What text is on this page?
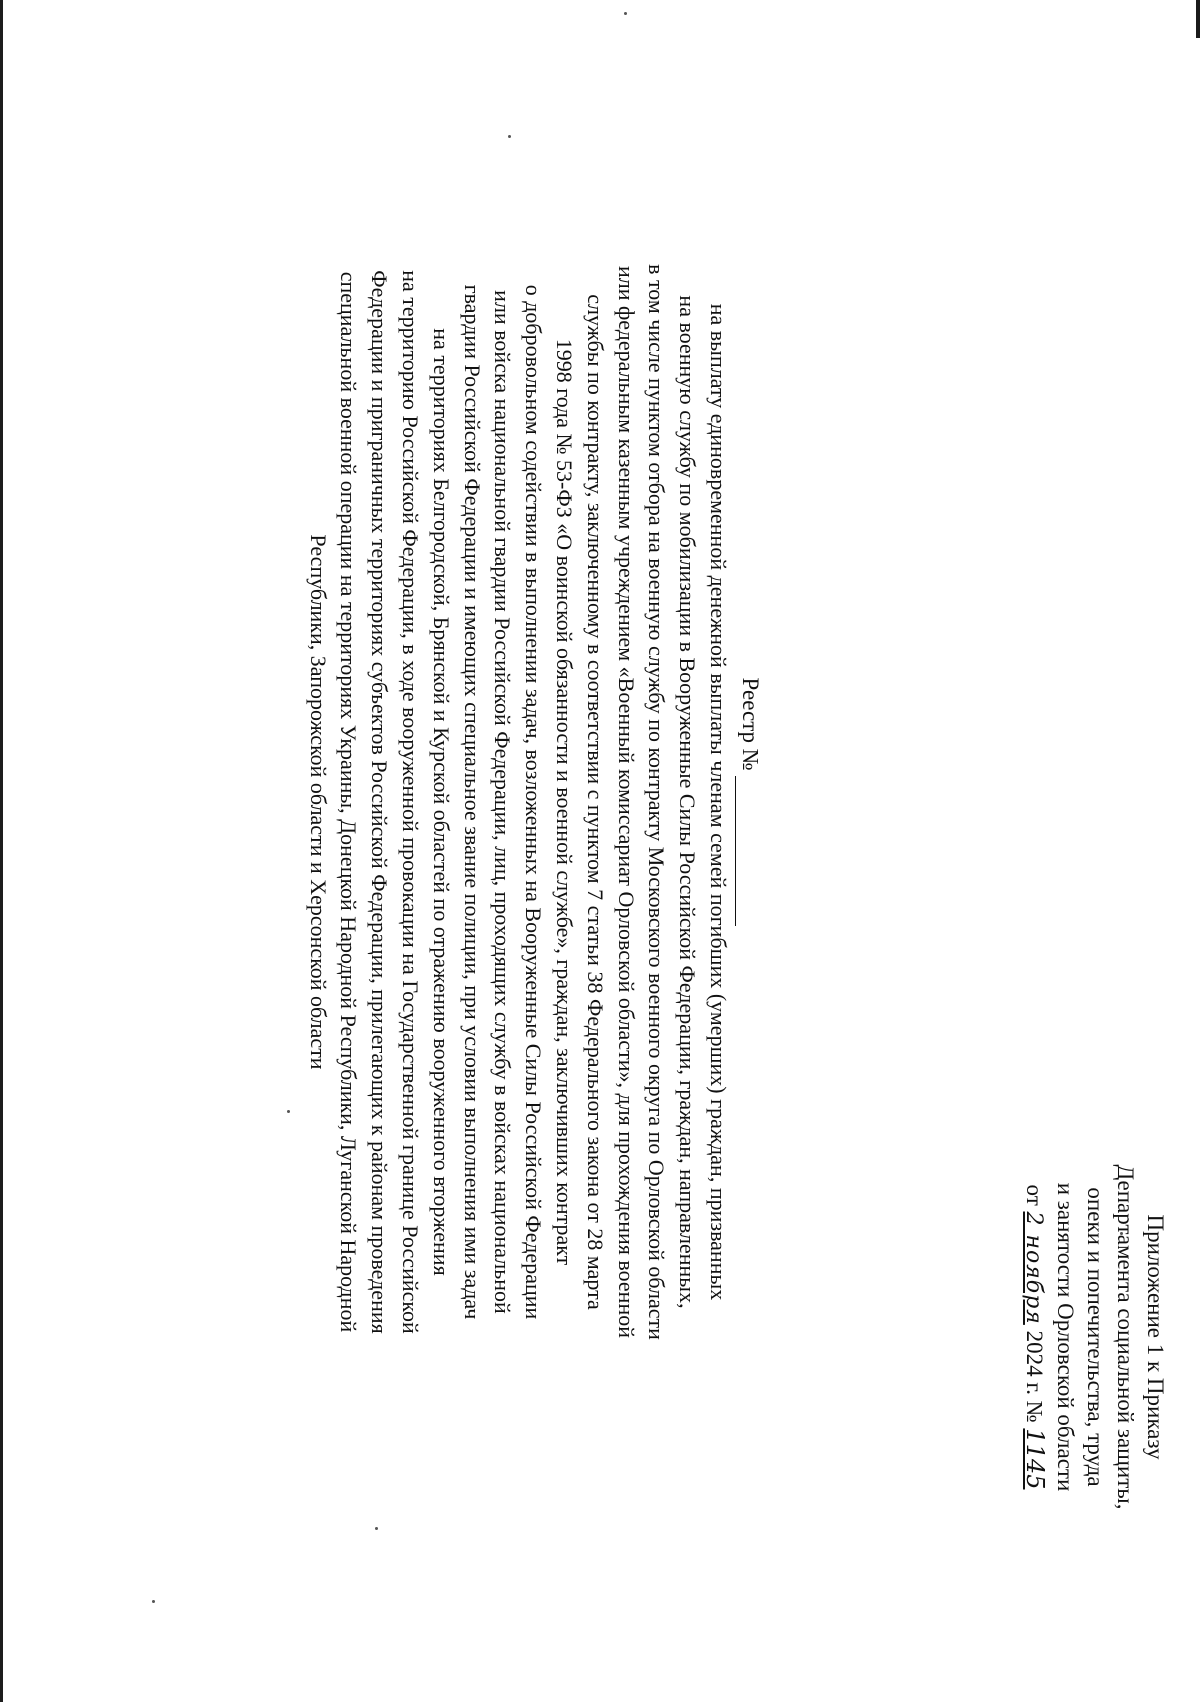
Приложение 1 к Приказу
Департамента социальной защиты,
опеки и попечительства, труда
и занятости Орловской области
от 2 ноября 2024 г. № 1145
Реестр №
на выплату единовременной денежной выплаты членам семей погибших (умерших) граждан, призванных
на военную службу по мобилизации в Вооруженные Силы Российской Федерации, граждан, направленных,
в том числе пунктом отбора на военную службу по контракту Московского военного округа по Орловской области
или федеральным казенным учреждением «Военный комиссариат Орловской области», для прохождения военной
службы по контракту, заключенному в соответствии с пунктом 7 статьи 38 Федерального закона от 28 марта
1998 года № 53-ФЗ «О воинской обязанности и военной службе», граждан, заключивших контракт
о добровольном содействии в выполнении задач, возложенных на Вооруженные Силы Российской Федерации
или войска национальной гвардии Российской Федерации, лиц, проходящих службу в войсках национальной
гвардии Российской Федерации и имеющих специальное звание полиции, при условии выполнения ими задач
на территориях Белгородской, Брянской и Курской областей по отражению вооруженного вторжения
на территорию Российской Федерации, в ходе вооруженной провокации на Государственной границе Российской
Федерации и приграничных территориях субъектов Российской Федерации, прилегающих к районам проведения
специальной военной операции на территориях Украины, Донецкой Народной Республики, Луганской Народной
Республики, Запорожской области и Херсонской области
